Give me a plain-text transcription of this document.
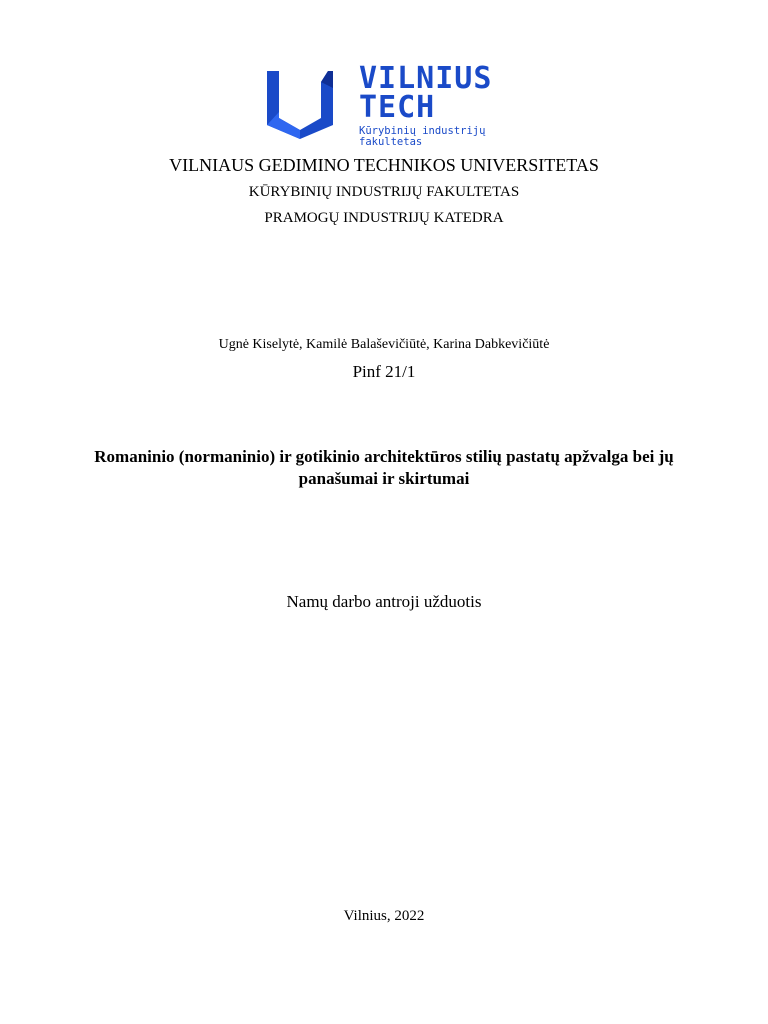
VILNIUS
TECH
Kūrybinių industrijų fakultetas
VILNIAUS GEDIMINO TECHNIKOS UNIVERSITETAS
KŪRYBINIŲ INDUSTRIJŲ FAKULTETAS
PRAMOGŲ INDUSTRIJŲ KATEDRA
Ugnė Kiselytė, Kamilė Balaševičiūtė, Karina Dabkevičiūtė
Pinf 21/1
Romaninio (normaninio) ir gotikinio architektūros stilių pastatų apžvalga bei jų
panašumai ir skirtumai
Namų darbo antroji užduotis
Vilnius, 2022
